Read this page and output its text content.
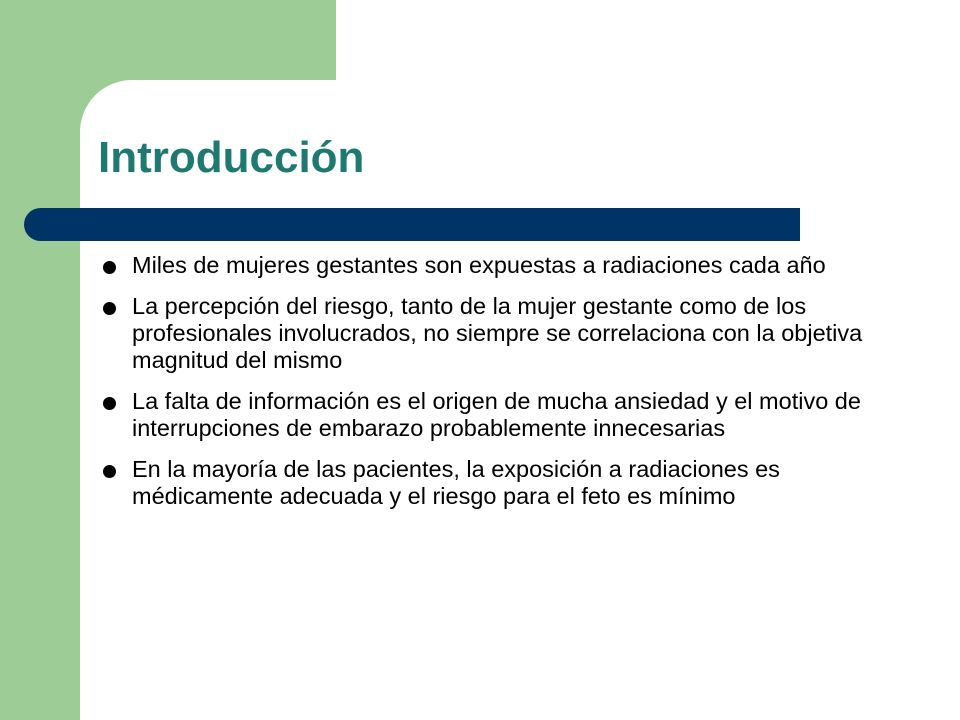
Introducción
Miles de mujeres gestantes son expuestas a radiaciones cada año
La percepción del riesgo, tanto de la mujer gestante como de los profesionales involucrados, no siempre se correlaciona con la objetiva magnitud del mismo
La falta de información es el origen de mucha ansiedad y el motivo de interrupciones de embarazo probablemente innecesarias
En la mayoría de las pacientes, la exposición a radiaciones es médicamente adecuada y el riesgo para el feto es mínimo
